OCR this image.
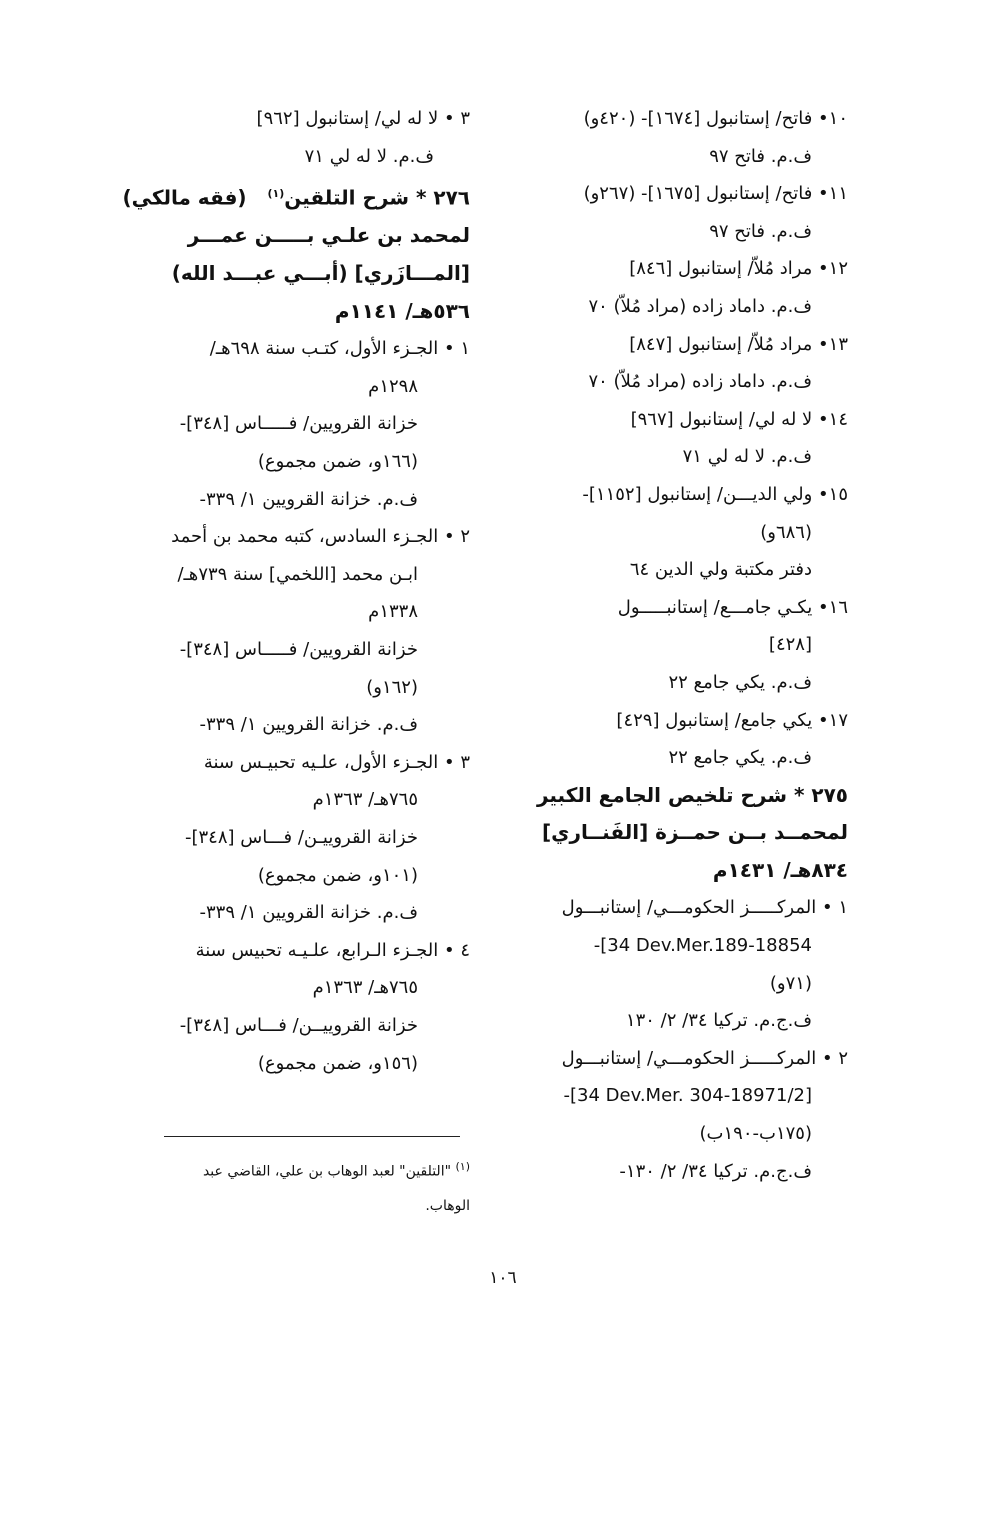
١٠• فاتح/ إستانبول [١٦٧٤]- (٤٢٠و)
ف.م. فاتح ٩٧
١١• فاتح/ إستانبول [١٦٧٥]- (٢٦٧و)
ف.م. فاتح ٩٧
١٢• مراد مُلاّ/ إستانبول [٨٤٦]
ف.م. داماد زاده (مراد مُلاّ) ٧٠
١٣• مراد مُلاّ/ إستانبول [٨٤٧]
ف.م. داماد زاده (مراد مُلاّ) ٧٠
١٤• لا له لي/ إستانبول [٩٦٧]
ف.م. لا له لي ٧١
١٥• ولي الديـــن/ إستانبول [١١٥٢]-
(٦٨٦و)
دفتر مكتبة ولي الدين ٦٤
١٦• يكـي جامـــع/ إستانبـــــول
[٤٢٨]
ف.م. يكي جامع ٢٢
١٧• يكي جامع/ إستانبول [٤٢٩]
ف.م. يكي جامع ٢٢
٢٧٥ * شرح تلخيص الجامع الكبير
لمحمــد بــن حمــزة [الفَنــاري]
٨٣٤هـ/ ١٤٣١م
١ • المركـــــز الحكومـــي/ إستانبـــول
-[34 Dev.Mer.189-18854
(٧١و)
ف.ج.م. تركيا ٣٤/ ٢/ ١٣٠
٢ • المركـــــز الحكومـــي/ إستانبـــول
-[34 Dev.Mer. 304-18971/2]
(١٧٥ب-١٩٠ب)
ف.ج.م. تركيا ٣٤/ ٢/ ١٣٠-
٣ • لا له لي/ إستانبول [٩٦٢]
ف.م. لا له لي ٧١
٢٧٦ * شرح التلقين$^{(١)}$   (فقه مالكي)
لمحمد بن علـي بـــــن عمـــر
[المـــازَري] (أبـــي عبـــد الله)
٥٣٦هـ/ ١١٤١م
١ • الجـزء الأول، كتـب سنة ٦٩٨هـ/
١٢٩٨م
خزانة القرويين/ فـــــاس [٣٤٨]-
(١٦٦و، ضمن مجموع)
ف.م. خزانة القرويين ١/ ٣٣٩-
٢ • الجـزء السادس، كتبه محمد بن أحمد
ابـن محمد [اللخمي] سنة ٧٣٩هـ/
١٣٣٨م
خزانة القرويين/ فـــــاس [٣٤٨]-
(١٦٢و)
ف.م. خزانة القرويين ١/ ٣٣٩-
٣ • الجـزء الأول، علـيه تحبيـس سنة
٧٦٥هـ/ ١٣٦٣م
خزانة القروييـن/ فـــاس [٣٤٨]-
(١٠١و، ضمن مجموع)
ف.م. خزانة القرويين ١/ ٣٣٩-
٤ • الجـزء الـرابع، علـيـه تحبيس سنة
٧٦٥هـ/ ١٣٦٣م
خزانة القروييــن/ فـــاس [٣٤٨]-
(١٥٦و، ضمن مجموع)
$^{(١)}$ "التلقين" لعبد الوهاب بن علي، القاضي عبد
الوهاب.
١٠٦
